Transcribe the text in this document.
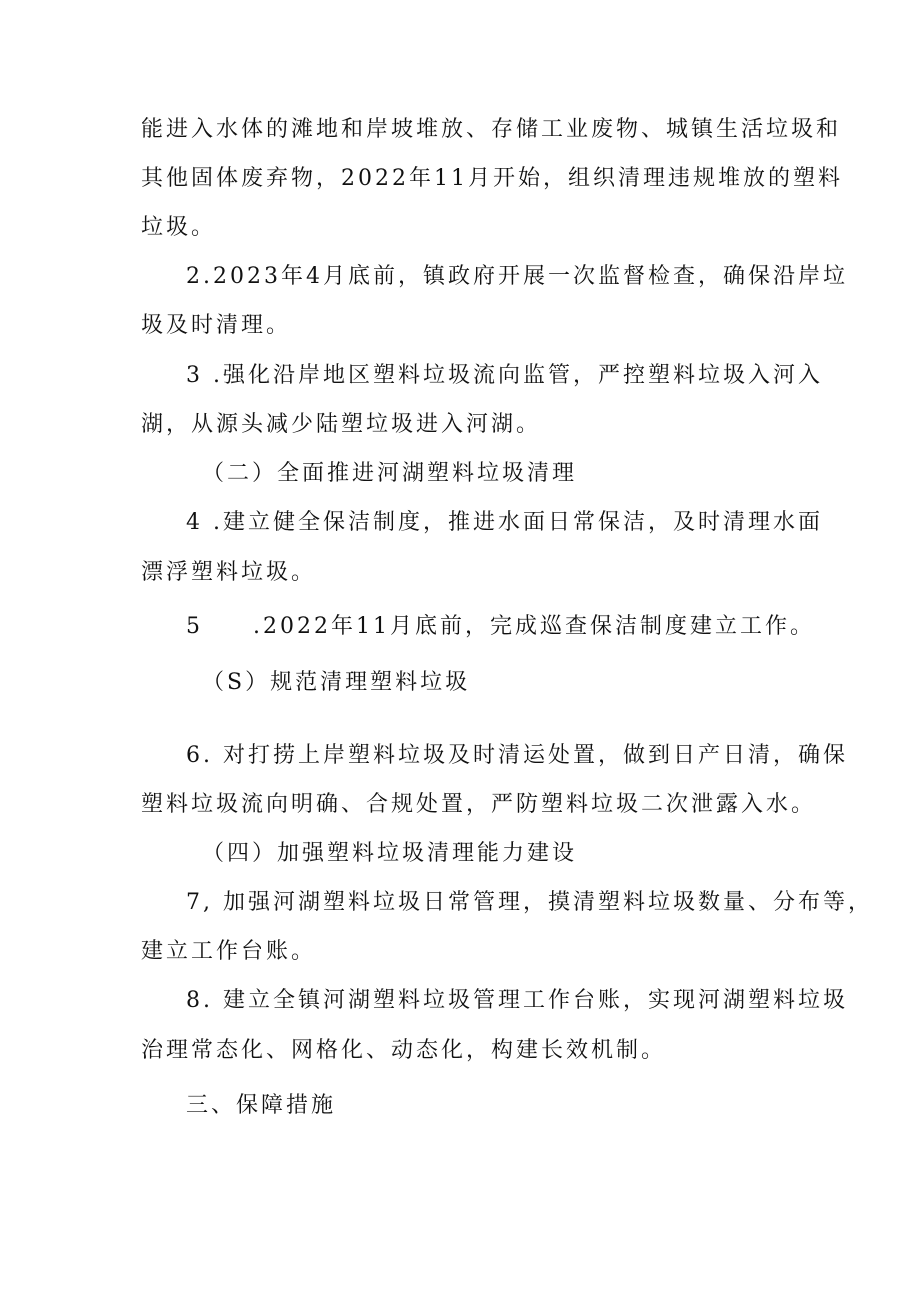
能进入水体的滩地和岸坡堆放、存储工业废物、城镇生活垃圾和
其他固体废弃物，2022年11月开始，组织清理违规堆放的塑料
垃圾。
2.2023年4月底前，镇政府开展一次监督检查，确保沿岸垃
圾及时清理。
3 .强化沿岸地区塑料垃圾流向监管，严控塑料垃圾入河入
湖，从源头减少陆塑垃圾进入河湖。
（二）全面推进河湖塑料垃圾清理
4 .建立健全保洁制度，推进水面日常保洁，及时清理水面
漂浮塑料垃圾。
5　　.2022年11月底前，完成巡查保洁制度建立工作。
（S）规范清理塑料垃圾
6. 对打捞上岸塑料垃圾及时清运处置，做到日产日清，确保
塑料垃圾流向明确、合规处置，严防塑料垃圾二次泄露入水。
（四）加强塑料垃圾清理能力建设
7, 加强河湖塑料垃圾日常管理，摸清塑料垃圾数量、分布等，
建立工作台账。
8. 建立全镇河湖塑料垃圾管理工作台账，实现河湖塑料垃圾
治理常态化、网格化、动态化，构建长效机制。
三、保障措施
